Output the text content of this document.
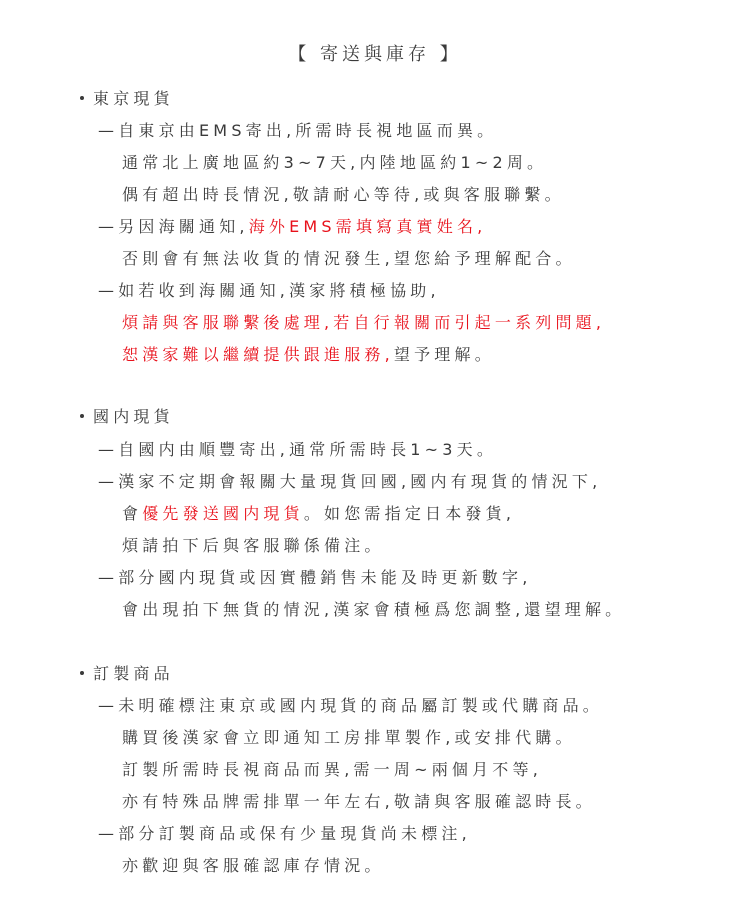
【 寄送與庫存 】
東京現貨
—自東京由EMS寄出,所需時長視地區而異。
通常北上廣地區約3~7天,内陸地區約1~2周。
偶有超出時長情況,敬請耐心等待,或與客服聯繫。
—另因海關通知,海外EMS需填寫真實姓名,
否則會有無法收貨的情況發生,望您給予理解配合。
—如若收到海關通知,漢家將積極協助,
煩請與客服聯繫後處理,若自行報關而引起一系列問題,
恕漢家難以繼續提供跟進服務,望予理解。
國内現貨
—自國内由順豐寄出,通常所需時長1~3天。
—漢家不定期會報關大量現貨回國,國内有現貨的情況下,
會優先發送國内現貨。如您需指定日本發貨,
煩請拍下后與客服聯係備注。
—部分國内現貨或因實體銷售未能及時更新數字,
會出現拍下無貨的情況,漢家會積極爲您調整,還望理解。
訂製商品
—未明確標注東京或國内現貨的商品屬訂製或代購商品。
購買後漢家會立即通知工房排單製作,或安排代購。
訂製所需時長視商品而異,需一周~兩個月不等,
亦有特殊品牌需排單一年左右,敬請與客服確認時長。
—部分訂製商品或保有少量現貨尚未標注,
亦歡迎與客服確認庫存情況。
